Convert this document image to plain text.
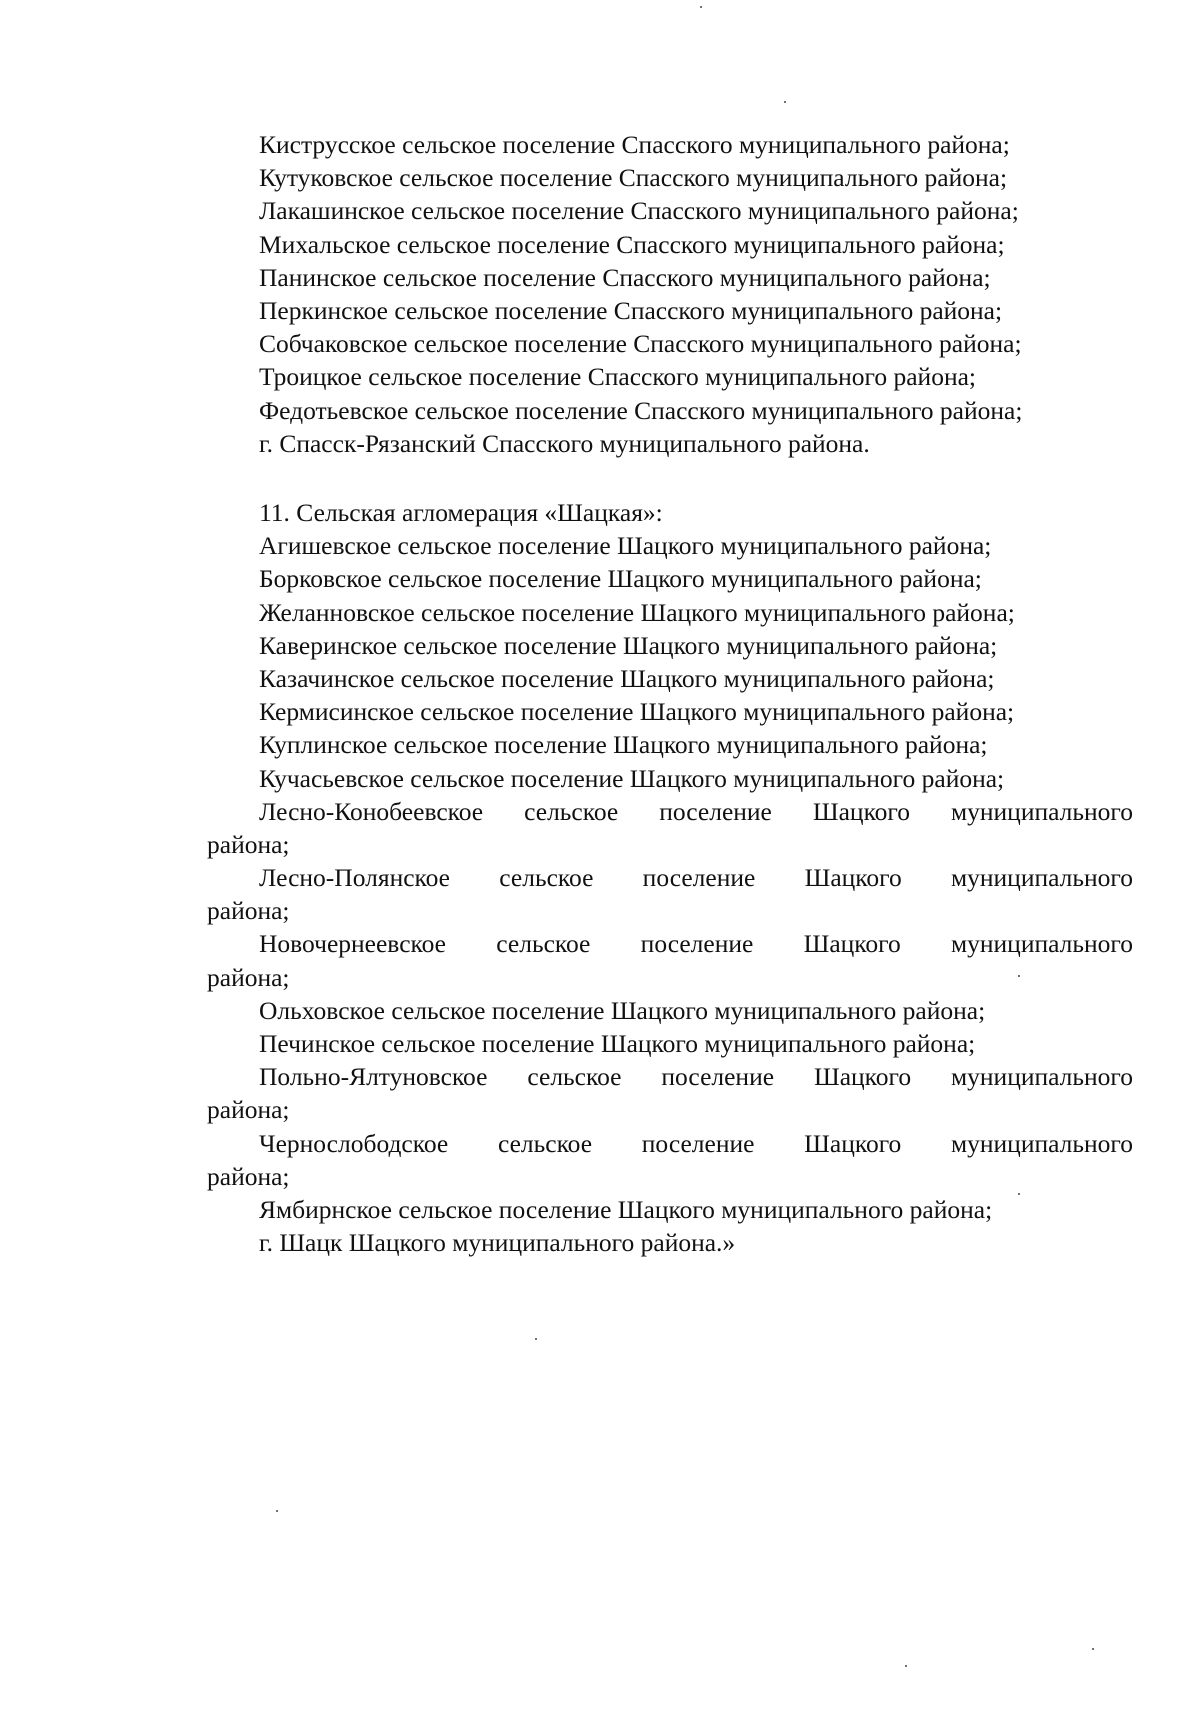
Киструсское сельское поселение Спасского муниципального района;
Кутуковское сельское поселение Спасского муниципального района;
Лакашинское сельское поселение Спасского муниципального района;
Михальское сельское поселение Спасского муниципального района;
Панинское сельское поселение Спасского муниципального района;
Перкинское сельское поселение Спасского муниципального района;
Собчаковское сельское поселение Спасского муниципального района;
Троицкое сельское поселение Спасского муниципального района;
Федотьевское сельское поселение Спасского муниципального района;
г. Спасск-Рязанский Спасского муниципального района.
11. Сельская агломерация «Шацкая»:
Агишевское сельское поселение Шацкого муниципального района;
Борковское сельское поселение Шацкого муниципального района;
Желанновское сельское поселение Шацкого муниципального района;
Каверинское сельское поселение Шацкого муниципального района;
Казачинское сельское поселение Шацкого муниципального района;
Кермисинское сельское поселение Шацкого муниципального района;
Куплинское сельское поселение Шацкого муниципального района;
Кучасьевское сельское поселение Шацкого муниципального района;
Лесно-Конобеевское сельское поселение Шацкого муниципального
района;
Лесно-Полянское сельское поселение Шацкого муниципального
района;
Новочернеевское сельское поселение Шацкого муниципального
района;
Ольховское сельское поселение Шацкого муниципального района;
Печинское сельское поселение Шацкого муниципального района;
Польно-Ялтуновское сельское поселение Шацкого муниципального
района;
Чернослободское сельское поселение Шацкого муниципального
района;
Ямбирнское сельское поселение Шацкого муниципального района;
г. Шацк Шацкого муниципального района.»
